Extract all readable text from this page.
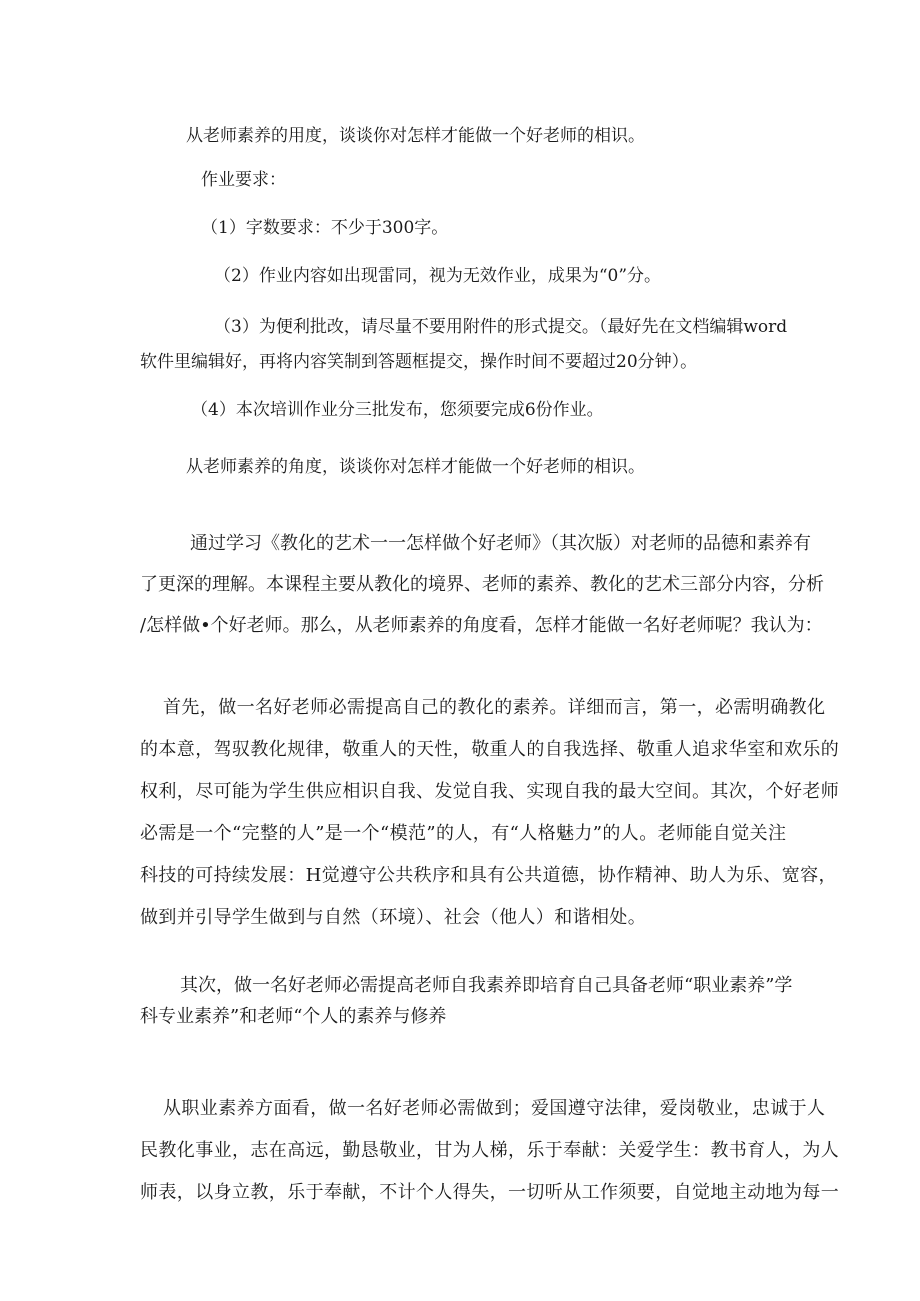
从老师素养的用度，谈谈你对怎样才能做一个好老师的相识。

作业要求：

（1）字数要求：不少于300字。

（2）作业内容如出现雷同，视为无效作业，成果为“0”分。

（3）为便利批改，请尽量不要用附件的形式提交。（最好先在文档编辑word

软件里编辑好，再将内容笑制到答题框提交，操作时间不要超过20分钟）。

（4）本次培训作业分三批发布，您须要完成6份作业。

从老师素养的角度，谈谈你对怎样才能做一个好老师的相识。

通过学习《教化的艺术一一怎样做个好老师》（其次版）对老师的品德和素养有

了更深的理解。本课程主要从教化的境界、老师的素养、教化的艺术三部分内容，分析

/怎样做•个好老师。那么，从老师素养的角度看，怎样才能做一名好老师呢？我认为：

首先，做一名好老师必需提高自己的教化的素养。详细而言，第一，必需明确教化

的本意，驾驭教化规律，敬重人的天性，敬重人的自我选择、敬重人追求华室和欢乐的

权利，尽可能为学生供应相识自我、发觉自我、实现自我的最大空间。其次，个好老师

必需是一个“完整的人”是一个“模范”的人，有“人格魅力”的人。老师能自觉关注

科技的可持续发展：H觉遵守公共秩序和具有公共道德，协作精神、助人为乐、宽容，

做到并引导学生做到与自然（环境）、社会（他人）和谐相处。

其次，做一名好老师必需提高老师自我素养即培育自己具备老师“职业素养”学

科专业素养”和老师“个人的素养与修养

从职业素养方面看，做一名好老师必需做到；爱国遵守法律，爱岗敬业，忠诚于人

民教化事业，志在高远，勤恳敬业，甘为人梯，乐于奉献：关爱学生：教书育人，为人

师表，以身立教，乐于奉献，不计个人得失，一切听从工作须要，自觉地主动地为每一
